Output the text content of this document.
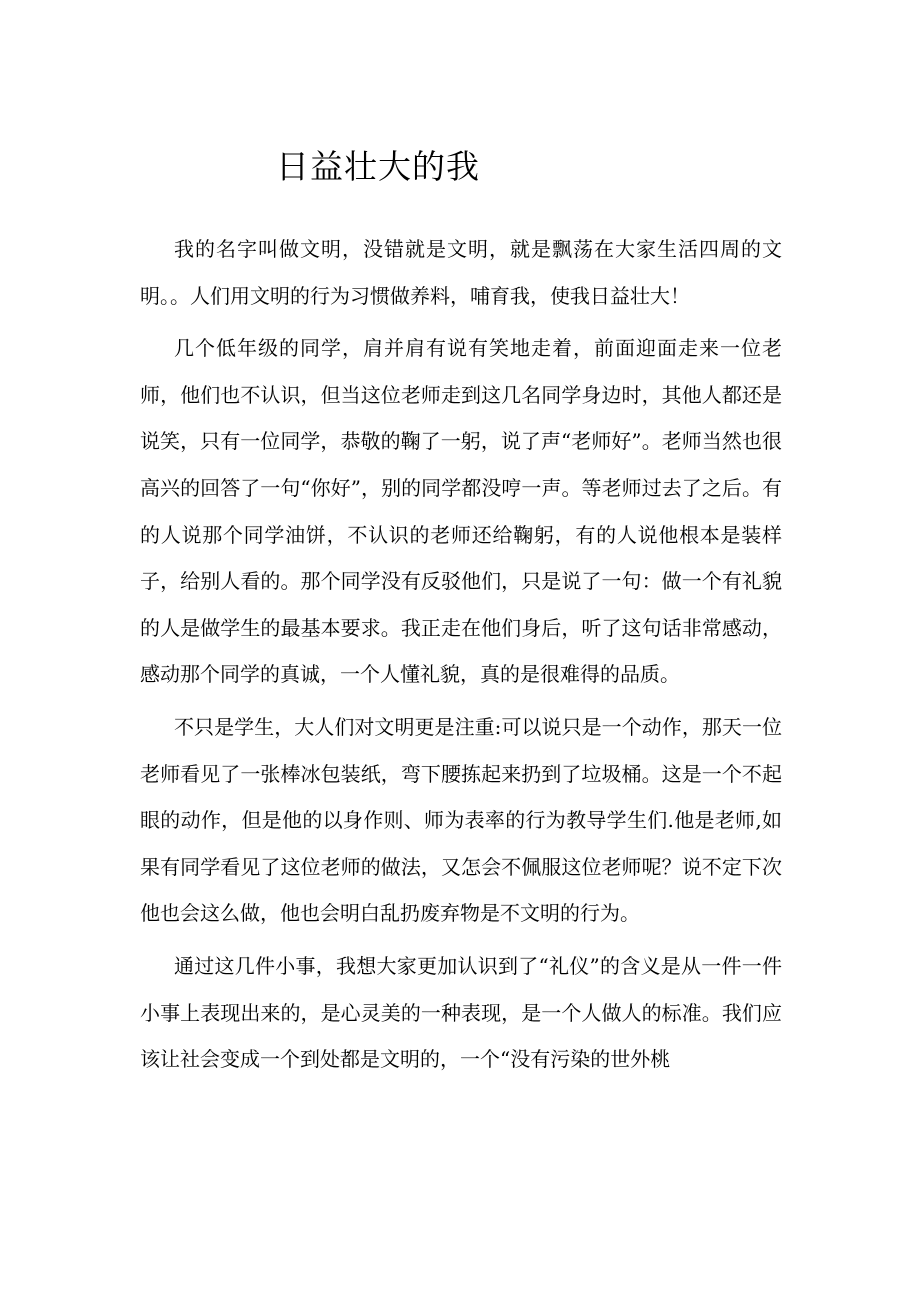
日益壮大的我

我的名字叫做文明，没错就是文明，就是飘荡在大家生活四周的文明。。人们用文明的行为习惯做养料，哺育我，使我日益壮大！

几个低年级的同学，肩并肩有说有笑地走着，前面迎面走来一位老师，他们也不认识，但当这位老师走到这几名同学身边时，其他人都还是说笑，只有一位同学，恭敬的鞠了一躬，说了声“老师好”。老师当然也很高兴的回答了一句“你好”，别的同学都没哼一声。等老师过去了之后。有的人说那个同学油饼，不认识的老师还给鞠躬，有的人说他根本是装样子，给别人看的。那个同学没有反驳他们，只是说了一句：做一个有礼貌的人是做学生的最基本要求。我正走在他们身后，听了这句话非常感动，感动那个同学的真诚，一个人懂礼貌，真的是很难得的品质。

不只是学生，大人们对文明更是注重:可以说只是一个动作，那天一位老师看见了一张棒冰包装纸，弯下腰拣起来扔到了垃圾桶。这是一个不起眼的动作，但是他的以身作则、师为表率的行为教导学生们.他是老师,如果有同学看见了这位老师的做法，又怎会不佩服这位老师呢？说不定下次他也会这么做，他也会明白乱扔废弃物是不文明的行为。

通过这几件小事，我想大家更加认识到了“礼仪”的含义是从一件一件小事上表现出来的，是心灵美的一种表现，是一个人做人的标准。我们应该让社会变成一个到处都是文明的，一个“没有污染的世外桃
